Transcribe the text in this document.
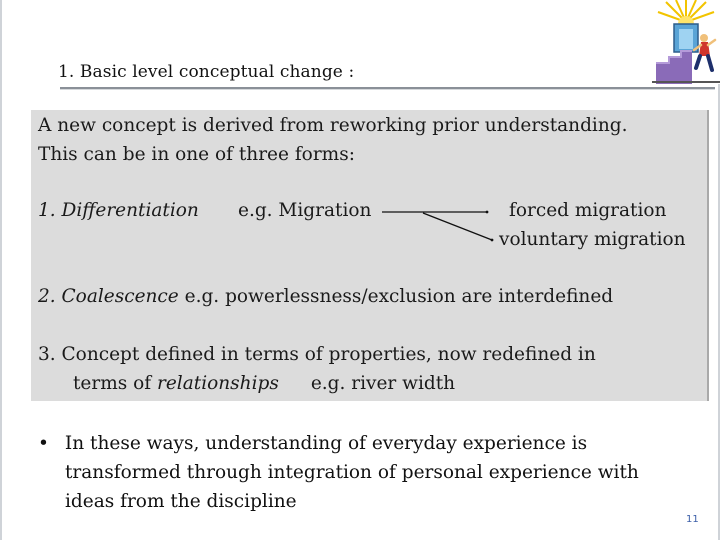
1. Basic level conceptual change :
A new concept is derived from reworking prior understanding.
This can be in one of three forms:
1. Differentiation e.g. Migration	forced migration
voluntary migration
2. Coalescence e.g. powerlessness/exclusion are interdefined
3. Concept defined in terms of properties, now redefined in
terms of relationships e.g. river width
• In these ways, understanding of everyday experience is
transformed through integration of personal experience with
ideas from the discipline
11
